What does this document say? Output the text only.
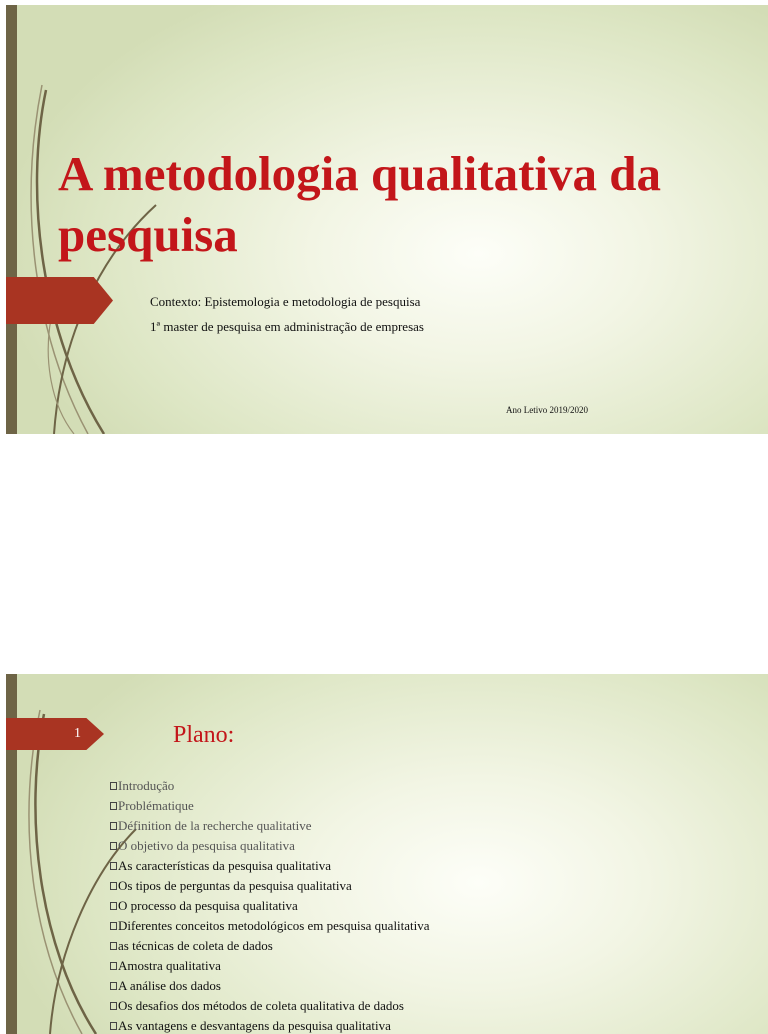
A metodologia qualitativa da pesquisa
Contexto: Epistemologia e metodologia de pesquisa
1ª master de pesquisa em administração de empresas
Ano Letivo 2019/2020
1	Plano:
Introdução
Problématique
Définition de la recherche qualitative
O objetivo da pesquisa qualitativa
As características da pesquisa qualitativa
Os tipos de perguntas da pesquisa qualitativa
O processo da pesquisa qualitativa
Diferentes conceitos metodológicos em pesquisa qualitativa
as técnicas de coleta de dados
Amostra qualitativa
A análise dos dados
Os desafios dos métodos de coleta qualitativa de dados
As vantagens e desvantagens da pesquisa qualitativa
